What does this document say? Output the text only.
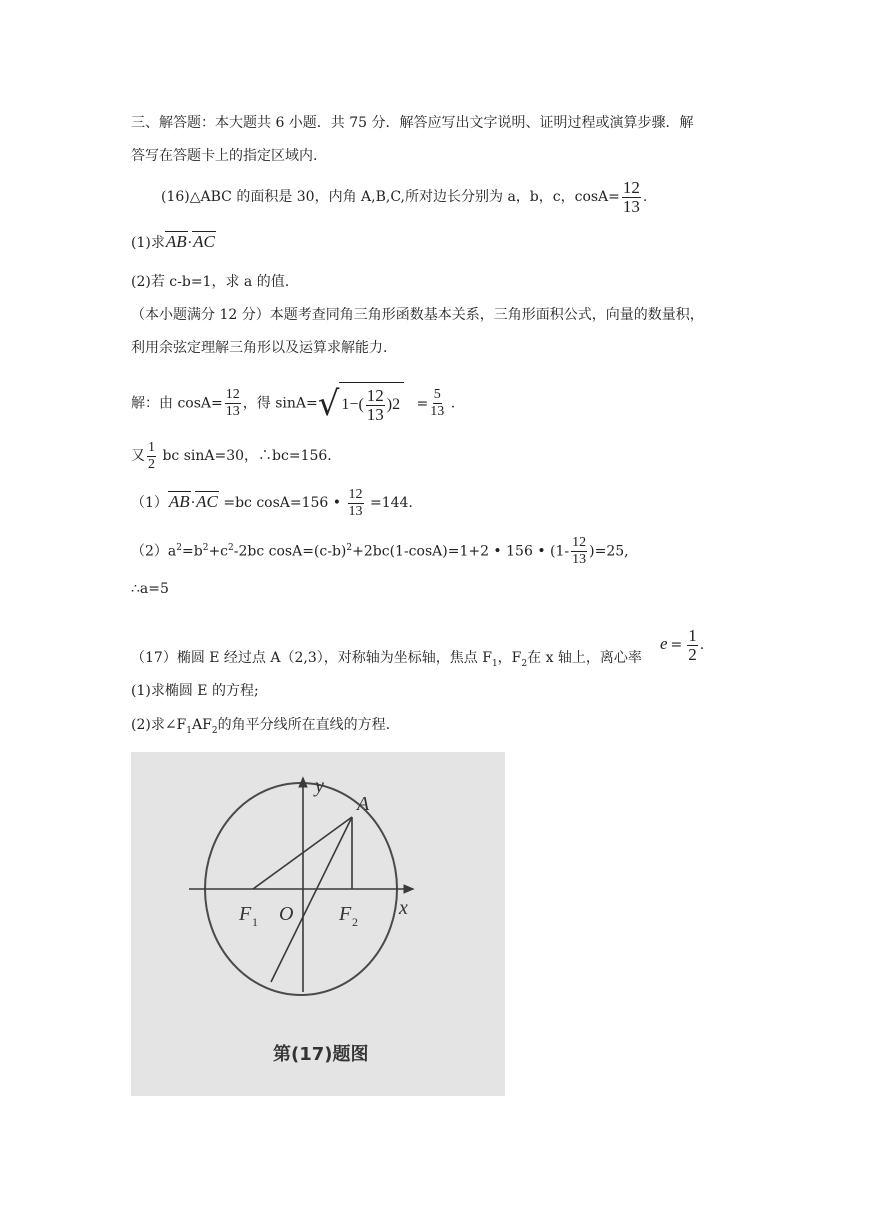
三、解答题：本大题共 6 小题．共 75 分．解答应写出文字说明、证明过程或演算步骤．解
答写在答题卡上的指定区域内.
(16)△ABC 的面积是 30，内角 A,B,C,所对边长分别为 a，b，c，$\cos A= \frac{12}{13}$ .
(1)求AB·AC
(2)若 c-b=1，求 a 的值.
（本小题满分 12 分）本题考查同角三角形函数基本关系，三角形面积公式，向量的数量积，
利用余弦定理解三角形以及运算求解能力.
解：由 $\cos A= \frac{12}{13}$ ，得 sinA= √ 1 − ( $\frac{12}{13} )2 = \frac{5}{13}$ .
又 $\frac{1}{2}$ bc sinA=30，∴bc=156.
（1）AB·AC =bc cosA=156 • $\frac{12}{13} =144$.
$(2)a^2=b^2+c^2-2bc$ $\cos A=(c-b)^2+2bc(1-\cos A)=1+2$ • 156 • $(1- \frac{12}{13} )=25$,
∴a=5
（17）椭圆 E 经过点 A（2,3），对称轴为坐标轴，焦点 $F_1$，$F_2$在 x 轴上，离心率
$e = \frac{1}{2}$ .
(1)求椭圆 E 的方程;
(2)求$\angle F_1AF_2$的角平分线所在直线的方程.
y
x
A
F 1 O F 2
第(17)题图
